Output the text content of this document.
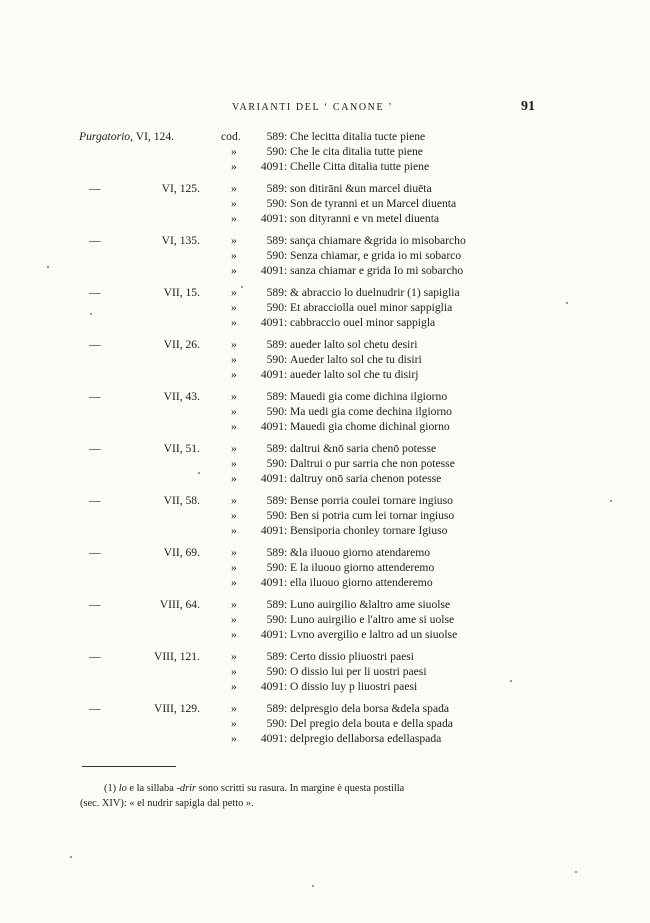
VARIANTI DEL ‘ CANONE ’	91
Purgatorio, VI, 124.	cod.	589 : Che lecitta ditalia tucte piene
»	590 : Che le cita ditalia tutte piene
»	4091 : Chelle Citta ditalia tutte piene
—	VI, 125.	»	589 : son ditirāni &un marcel diuēta
»	590 : Son de tyranni et un Marcel diuenta
»	4091 : son dityranni e vn metel diuenta
—	VI, 135.	»	589 : sança chiamare &grida io misobarcho
»	590 : Senza chiamar, e grida io mi sobarco
»	4091 : sanza chiamar e grida Io mi sobarcho
—	VII, 15.	»	589 : & abraccio lo duelnudrir (1) sapiglia
»	590 : Et abracciolla ouel minor sappiglia
»	4091 : cabbraccio ouel minor sappigla
—	VII, 26.	»	589 : aueder lalto sol chetu desiri
»	590 : Aueder lalto sol che tu disiri
»	4091 : aueder lalto sol che tu disirj
—	VII, 43.	»	589 : Mauedi gia come dichina ilgiorno
»	590 : Ma uedi gia come dechina ilgiorno
»	4091 : Mauedi gia chome dichinal giorno
—	VII, 51.	»	589 : daltrui &nō saria chenō potesse
»	590 : Daltrui o pur sarria che non potesse
»	4091 : daltruy onō saria chenon potesse
—	VII, 58.	»	589 : Bense porria coulei tornare ingiuso
»	590 : Ben si potria cum lei tornar ingiuso
»	4091 : Bensiporia chonley tornare Igiuso
—	VII, 69.	»	589 : &la iluouo giorno atendaremo
»	590 : E la iluouo giorno attenderemo
»	4091 : ella iluouo giorno attenderemo
—	VIII, 64.	»	589 : Luno auirgilio &laltro ame siuolse
»	590 : Luno auirgilio e l'altro ame si uolse
»	4091 : Lvno avergilio e laltro ad un siuolse
—	VIII, 121.	»	589 : Certo dissio pliuostri paesi
»	590 : O dissio lui per li uostri paesi
»	4091 : O dissio luy p liuostri paesi
—	VIII, 129.	»	589 : delpresgio dela borsa &dela spada
»	590 : Del pregio dela bouta e della spada
»	4091 : delpregio dellaborsa edellaspada

(1) lo e la sillaba -drir sono scritti su rasura. In margine è questa postilla

(sec. XIV): « el nudrir sapigla dal petto ».
